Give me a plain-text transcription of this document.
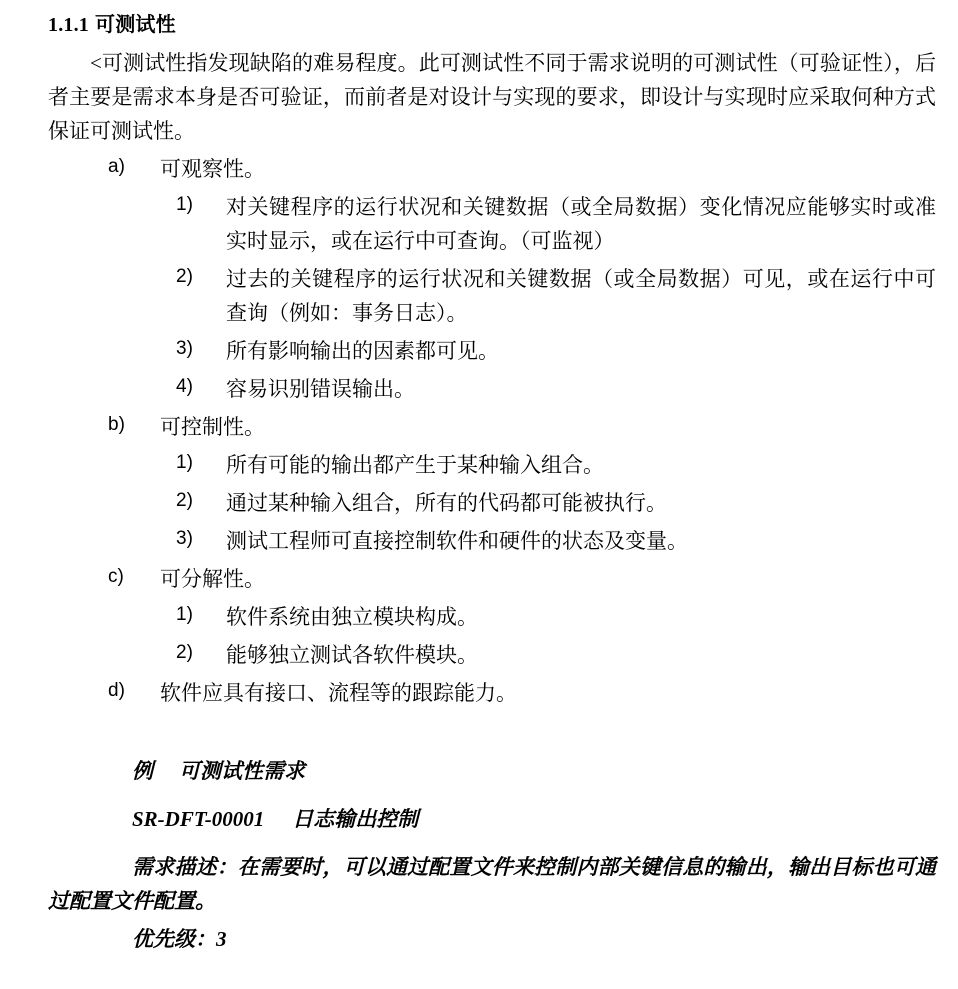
1.1.1 可测试性

<可测试性指发现缺陷的难易程度。此可测试性不同于需求说明的可测试性（可验证性），后者主要是需求本身是否可验证，而前者是对设计与实现的要求，即设计与实现时应采取何种方式保证可测试性。

a)	可观察性。
1)	对关键程序的运行状况和关键数据（或全局数据）变化情况应能够实时或准实时显示，或在运行中可查询。（可监视）
2)	过去的关键程序的运行状况和关键数据（或全局数据）可见，或在运行中可查询（例如：事务日志）。
3)	所有影响输出的因素都可见。
4)	容易识别错误输出。
b)	可控制性。
1)	所有可能的输出都产生于某种输入组合。
2)	通过某种输入组合，所有的代码都可能被执行。
3)	测试工程师可直接控制软件和硬件的状态及变量。
c)	可分解性。
1)	软件系统由独立模块构成。
2)	能够独立测试各软件模块。
d)	软件应具有接口、流程等的跟踪能力。
例 可测试性需求
SR-DFT-00001 日志输出控制

需求描述：在需要时，可以通过配置文件来控制内部关键信息的输出，输出目标也可通过配置文件配置。

优先级：3
